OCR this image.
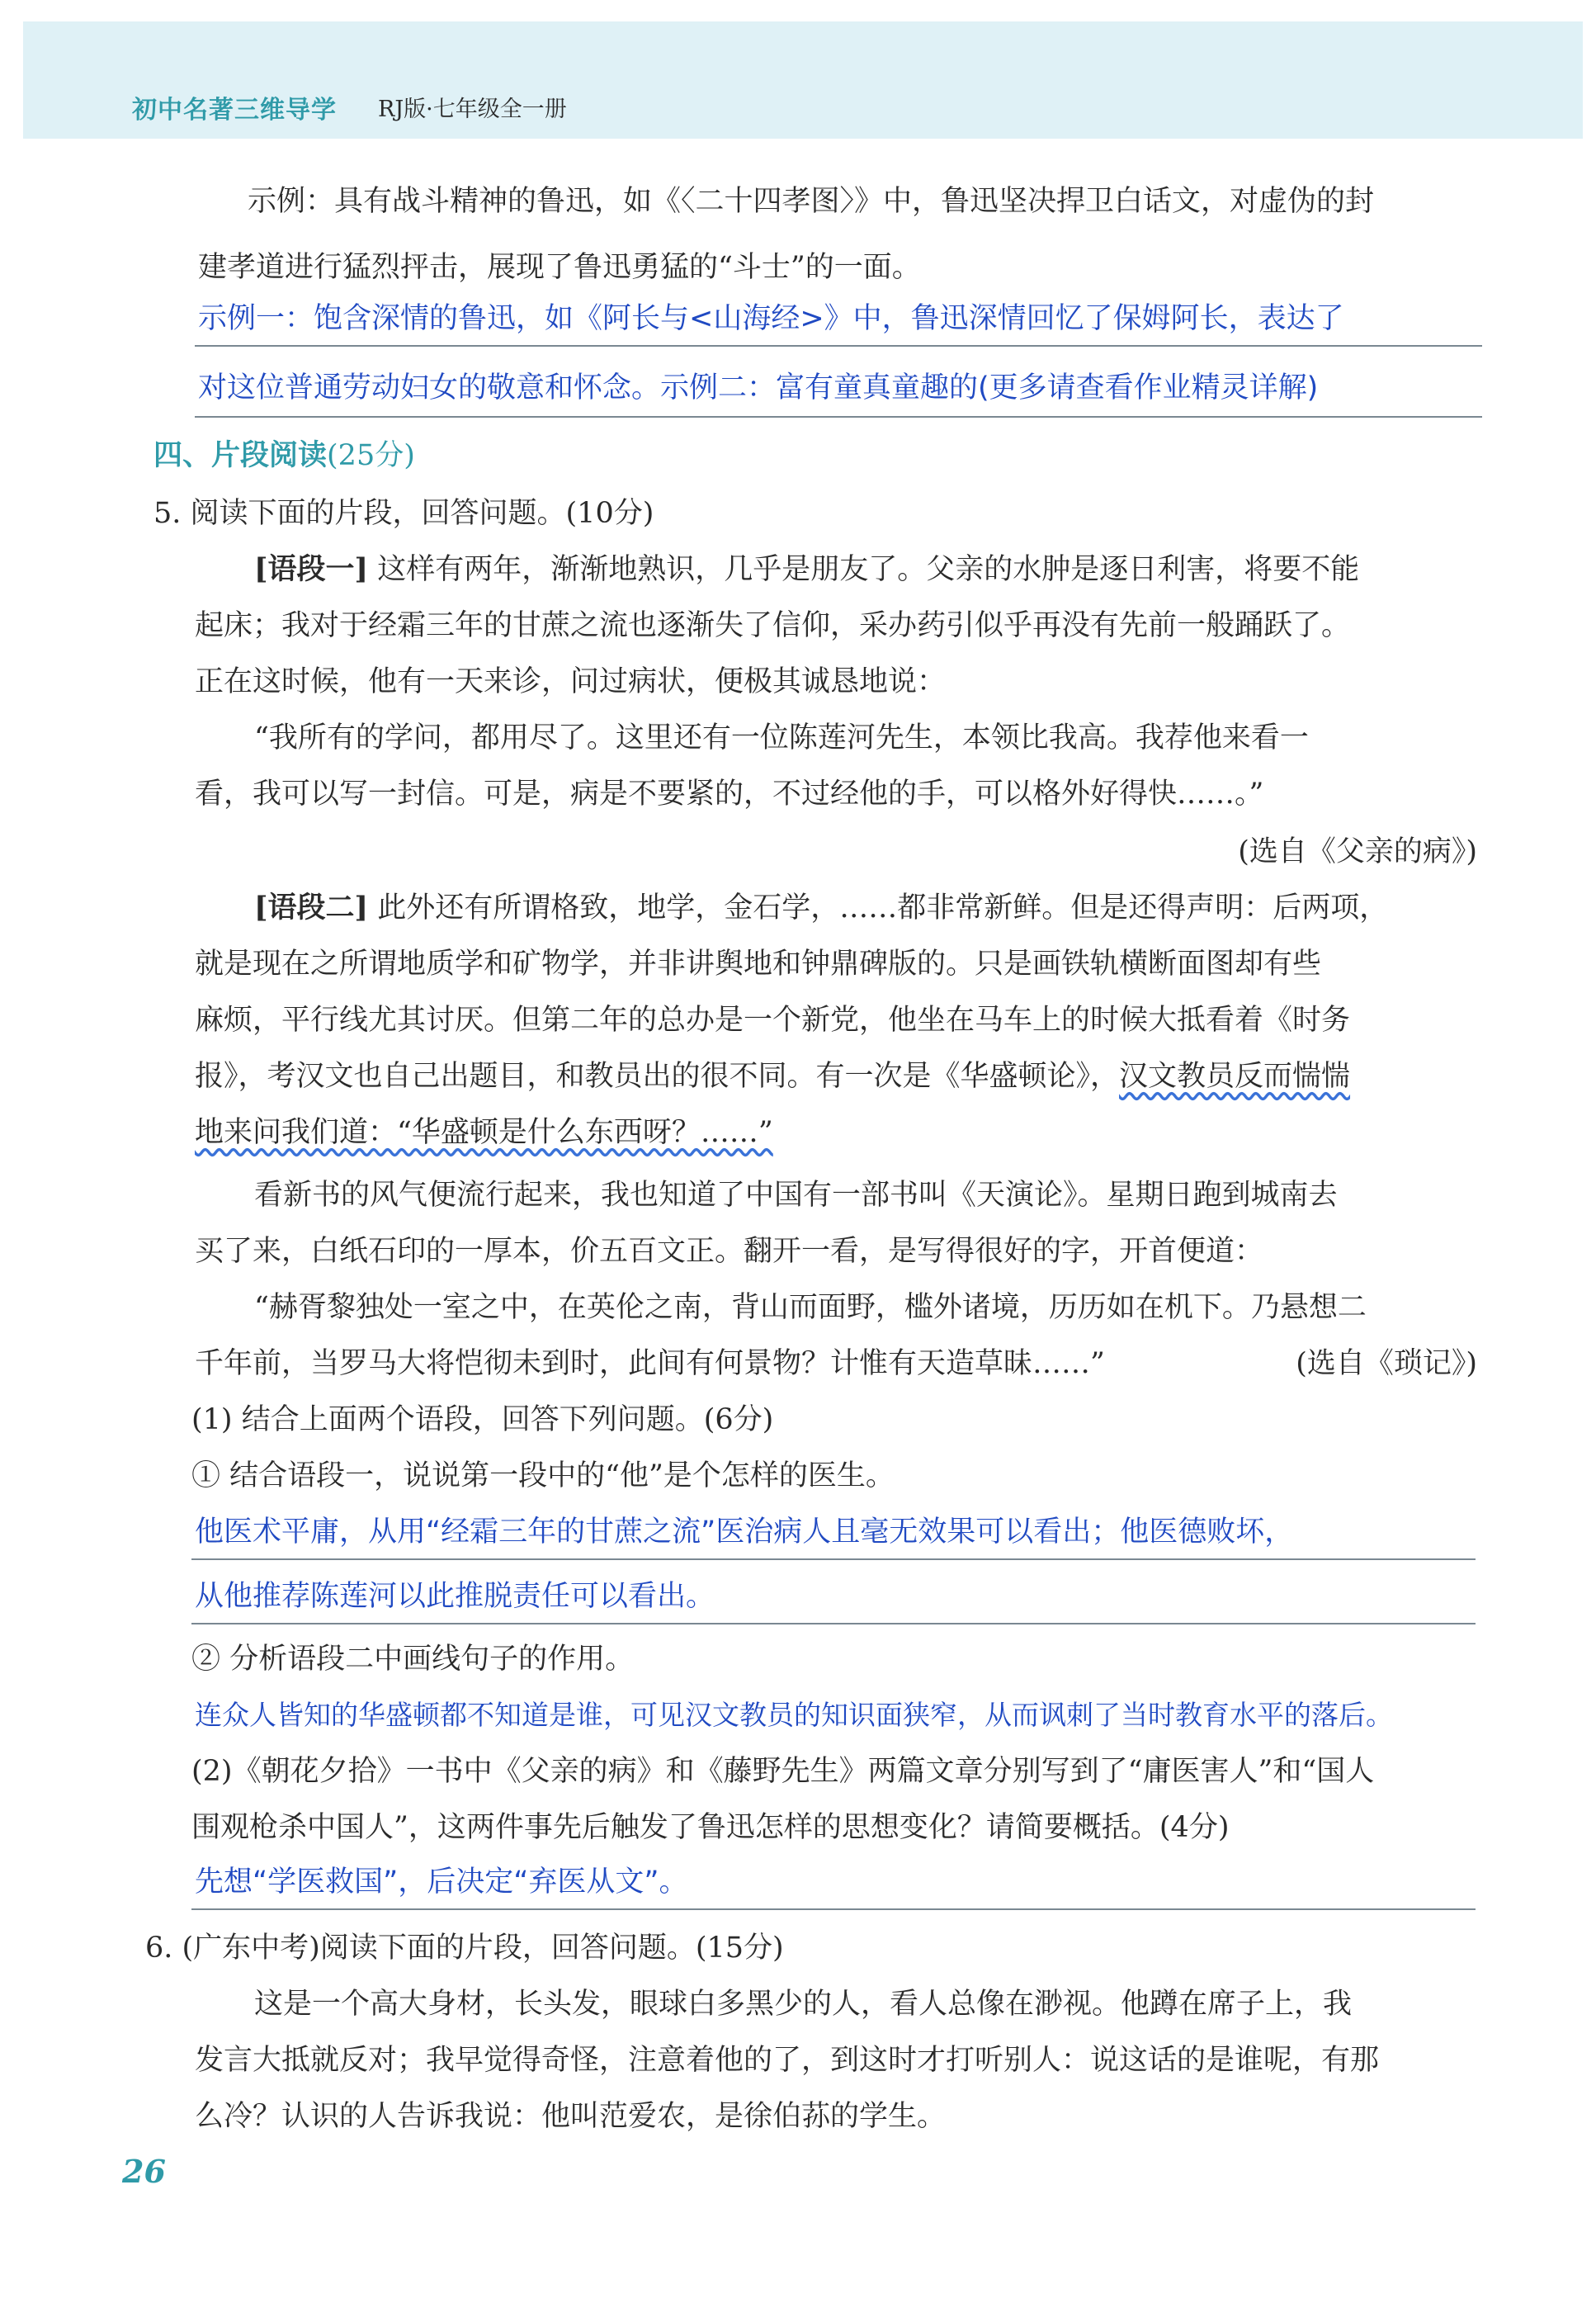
初中名著三维导学 RJ版·七年级全一册
示例：具有战斗精神的鲁迅，如《〈二十四孝图〉》中，鲁迅坚决捍卫白话文，对虚伪的封
建孝道进行猛烈抨击，展现了鲁迅勇猛的“斗士”的一面。
示例一：饱含深情的鲁迅，如《阿长与<山海经>》中，鲁迅深情回忆了保姆阿长，表达了
对这位普通劳动妇女的敬意和怀念。示例二：富有童真童趣的(更多请查看作业精灵详解)
四、片段阅读(25分)
5. 阅读下面的片段，回答问题。(10分)
[语段一] 这样有两年，渐渐地熟识，几乎是朋友了。父亲的水肿是逐日利害，将要不能
起床；我对于经霜三年的甘蔗之流也逐渐失了信仰，采办药引似乎再没有先前一般踊跃了。
正在这时候，他有一天来诊，问过病状，便极其诚恳地说：
“我所有的学问，都用尽了。这里还有一位陈莲河先生，本领比我高。我荐他来看一
看，我可以写一封信。可是，病是不要紧的，不过经他的手，可以格外好得快……。”
(选自《父亲的病》)
[语段二] 此外还有所谓格致，地学，金石学，……都非常新鲜。但是还得声明：后两项，
就是现在之所谓地质学和矿物学，并非讲舆地和钟鼎碑版的。只是画铁轨横断面图却有些
麻烦，平行线尤其讨厌。但第二年的总办是一个新党，他坐在马车上的时候大抵看着《时务
报》，考汉文也自己出题目，和教员出的很不同。有一次是《华盛顿论》，汉文教员反而惴惴
地来问我们道：“华盛顿是什么东西呀？……”
看新书的风气便流行起来，我也知道了中国有一部书叫《天演论》。星期日跑到城南去
买了来，白纸石印的一厚本，价五百文正。翻开一看，是写得很好的字，开首便道：
“赫胥黎独处一室之中，在英伦之南，背山而面野，槛外诸境，历历如在机下。乃悬想二
千年前，当罗马大将恺彻未到时，此间有何景物？计惟有天造草昧……”	(选自《琐记》)
(1) 结合上面两个语段，回答下列问题。(6分)
① 结合语段一，说说第一段中的“他”是个怎样的医生。
他医术平庸，从用“经霜三年的甘蔗之流”医治病人且毫无效果可以看出；他医德败坏，
从他推荐陈莲河以此推脱责任可以看出。
② 分析语段二中画线句子的作用。
连众人皆知的华盛顿都不知道是谁，可见汉文教员的知识面狭窄，从而讽刺了当时教育水平的落后。
(2)《朝花夕拾》一书中《父亲的病》和《藤野先生》两篇文章分别写到了“庸医害人”和“国人
围观枪杀中国人”，这两件事先后触发了鲁迅怎样的思想变化？请简要概括。(4分)
先想“学医救国”，后决定“弃医从文”。
6. (广东中考)阅读下面的片段，回答问题。(15分)
这是一个高大身材，长头发，眼球白多黑少的人，看人总像在渺视。他蹲在席子上，我
发言大抵就反对；我早觉得奇怪，注意着他的了，到这时才打听别人：说这话的是谁呢，有那
么冷？认识的人告诉我说：他叫范爱农，是徐伯荪的学生。
26
